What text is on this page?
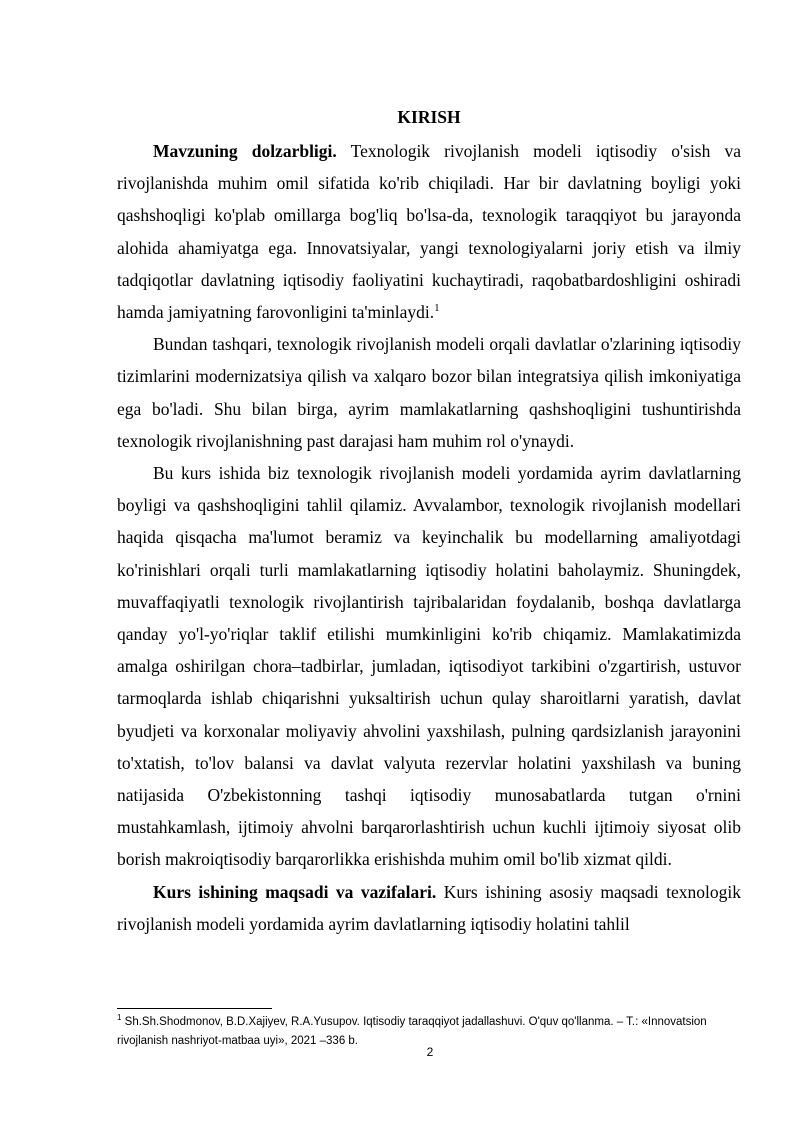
KIRISH

Mavzuning dolzarbligi. Texnologik rivojlanish modeli iqtisodiy o'sish va rivojlanishda muhim omil sifatida ko'rib chiqiladi. Har bir davlatning boyligi yoki qashshoqligi ko'plab omillarga bog'liq bo'lsa-da, texnologik taraqqiyot bu jarayonda alohida ahamiyatga ega. Innovatsiyalar, yangi texnologiyalarni joriy etish va ilmiy tadqiqotlar davlatning iqtisodiy faoliyatini kuchaytiradi, raqobatbardoshligini oshiradi hamda jamiyatning farovonligini ta'minlaydi.$^1$

Bundan tashqari, texnologik rivojlanish modeli orqali davlatlar o'zlarining iqtisodiy tizimlarini modernizatsiya qilish va xalqaro bozor bilan integratsiya qilish imkoniyatiga ega bo'ladi. Shu bilan birga, ayrim mamlakatlarning qashshoqligini tushuntirishda texnologik rivojlanishning past darajasi ham muhim rol o'ynaydi.

Bu kurs ishida biz texnologik rivojlanish modeli yordamida ayrim davlatlarning boyligi va qashshoqligini tahlil qilamiz. Avvalambor, texnologik rivojlanish modellari haqida qisqacha ma'lumot beramiz va keyinchalik bu modellarning amaliyotdagi ko'rinishlari orqali turli mamlakatlarning iqtisodiy holatini baholaymiz. Shuningdek, muvaffaqiyatli texnologik rivojlantirish tajribalaridan foydalanib, boshqa davlatlarga qanday yo'l-yo'riqlar taklif etilishi mumkinligini ko'rib chiqamiz. Mamlakatimizda amalga oshirilgan chora–tadbirlar, jumladan, iqtisodiyot tarkibini o'zgartirish, ustuvor tarmoqlarda ishlab chiqarishni yuksaltirish uchun qulay sharoitlarni yaratish, davlat byudjeti va korxonalar moliyaviy ahvolini yaxshilash, pulning qardsizlanish jarayonini to'xtatish, to'lov balansi va davlat valyuta rezervlar holatini yaxshilash va buning natijasida O'zbekistonning tashqi iqtisodiy munosabatlarda tutgan o'rnini mustahkamlash, ijtimoiy ahvolni barqarorlashtirish uchun kuchli ijtimoiy siyosat olib borish makroiqtisodiy barqarorlikka erishishda muhim omil bo'lib xizmat qildi.

Kurs ishining maqsadi va vazifalari. Kurs ishining asosiy maqsadi texnologik rivojlanish modeli yordamida ayrim davlatlarning iqtisodiy holatini tahlil

$^1$ Sh.Sh.Shodmonov, B.D.Xajiyev, R.A.Yusupov. Iqtisodiy taraqqiyot jadallashuvi. O'quv qo'llanma. – T.: «Innovatsion rivojlanish nashriyot-matbaa uyi», 2021 –336 b.
2
